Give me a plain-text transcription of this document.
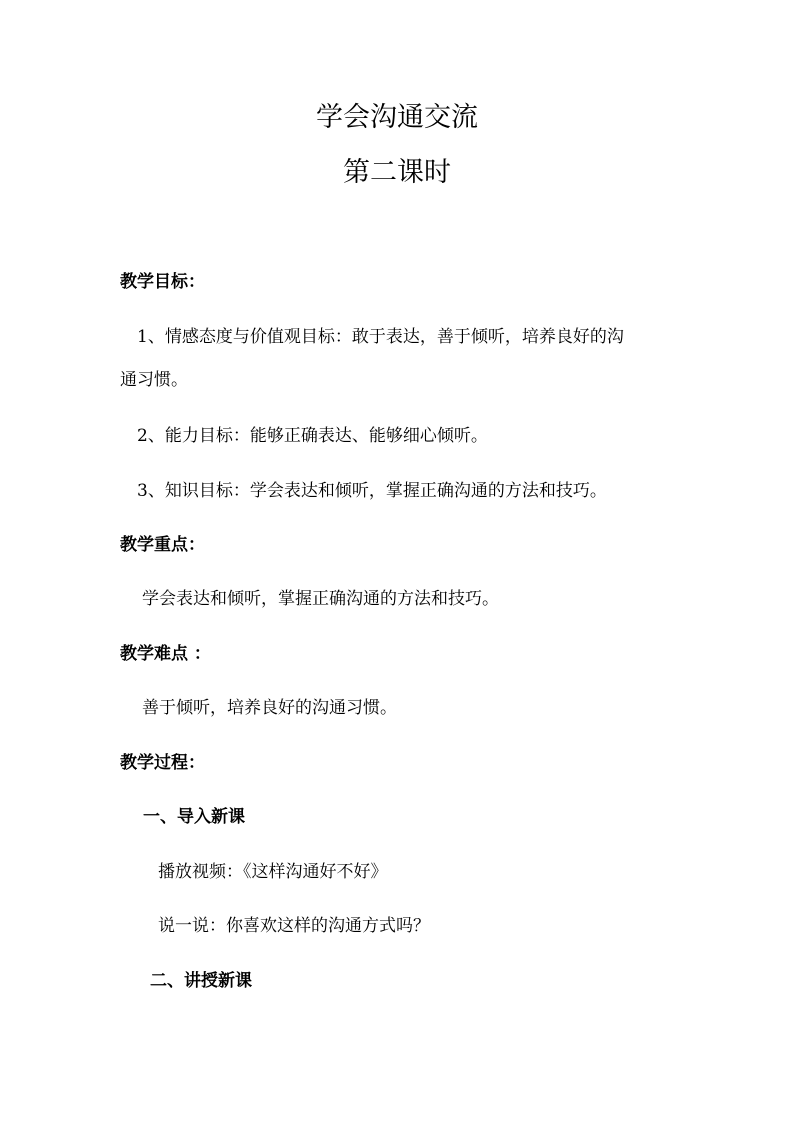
学会沟通交流
第二课时
教学目标：
1、情感态度与价值观目标：敢于表达，善于倾听，培养良好的沟
通习惯。
2、能力目标：能够正确表达、能够细心倾听。
3、知识目标：学会表达和倾听，掌握正确沟通的方法和技巧。
教学重点：
学会表达和倾听，掌握正确沟通的方法和技巧。
教学难点 ：
善于倾听，培养良好的沟通习惯。
教学过程：
一、导入新课
播放视频：《这样沟通好不好》
说一说：你喜欢这样的沟通方式吗？
二、讲授新课
